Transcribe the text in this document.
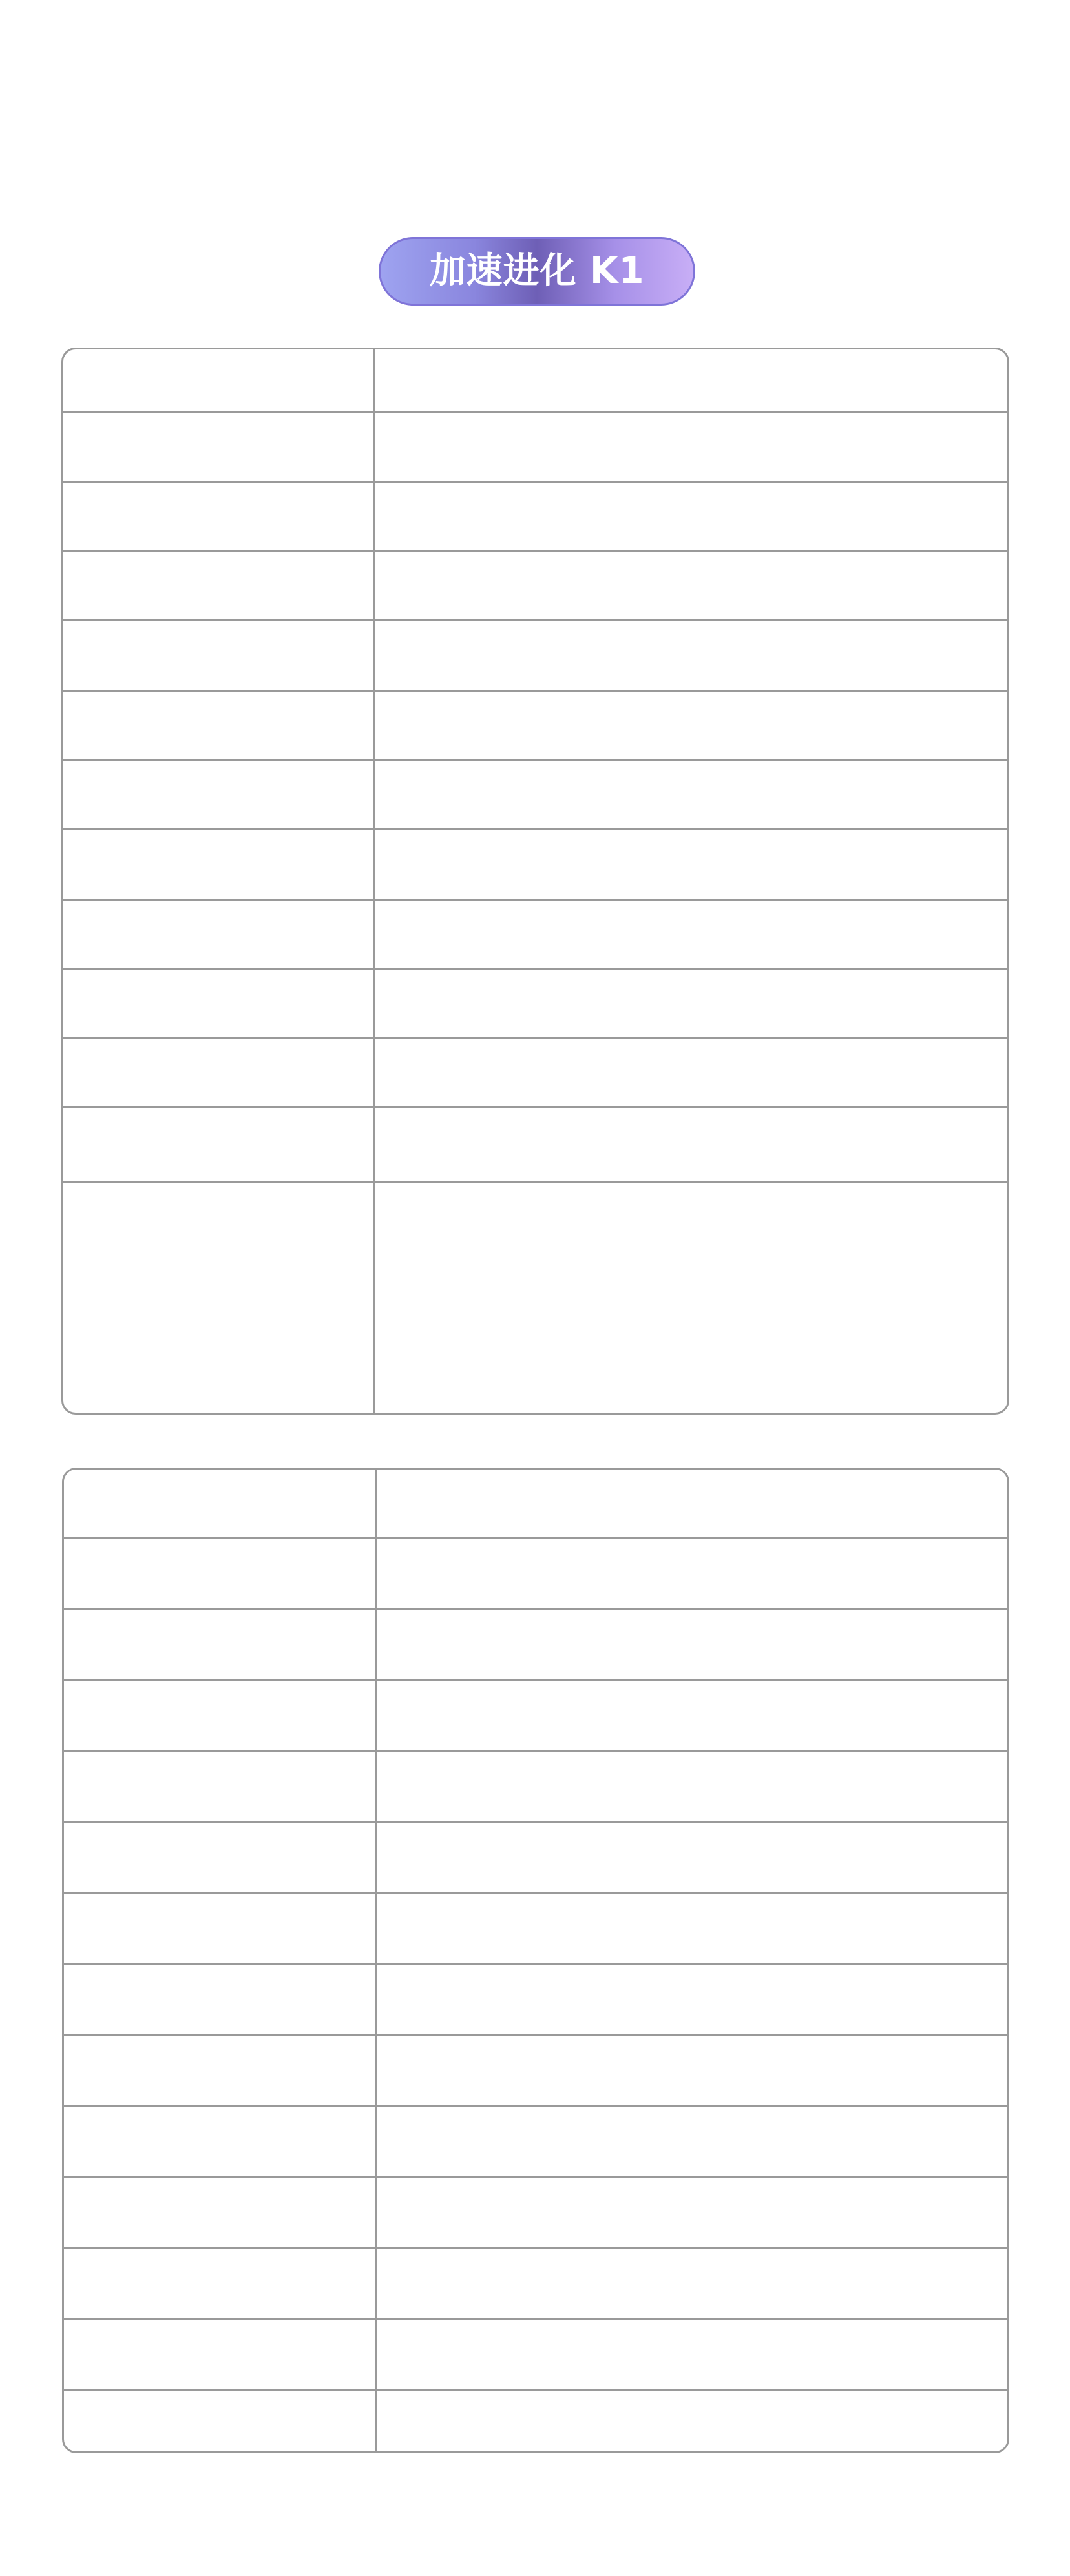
加速进化 K1
